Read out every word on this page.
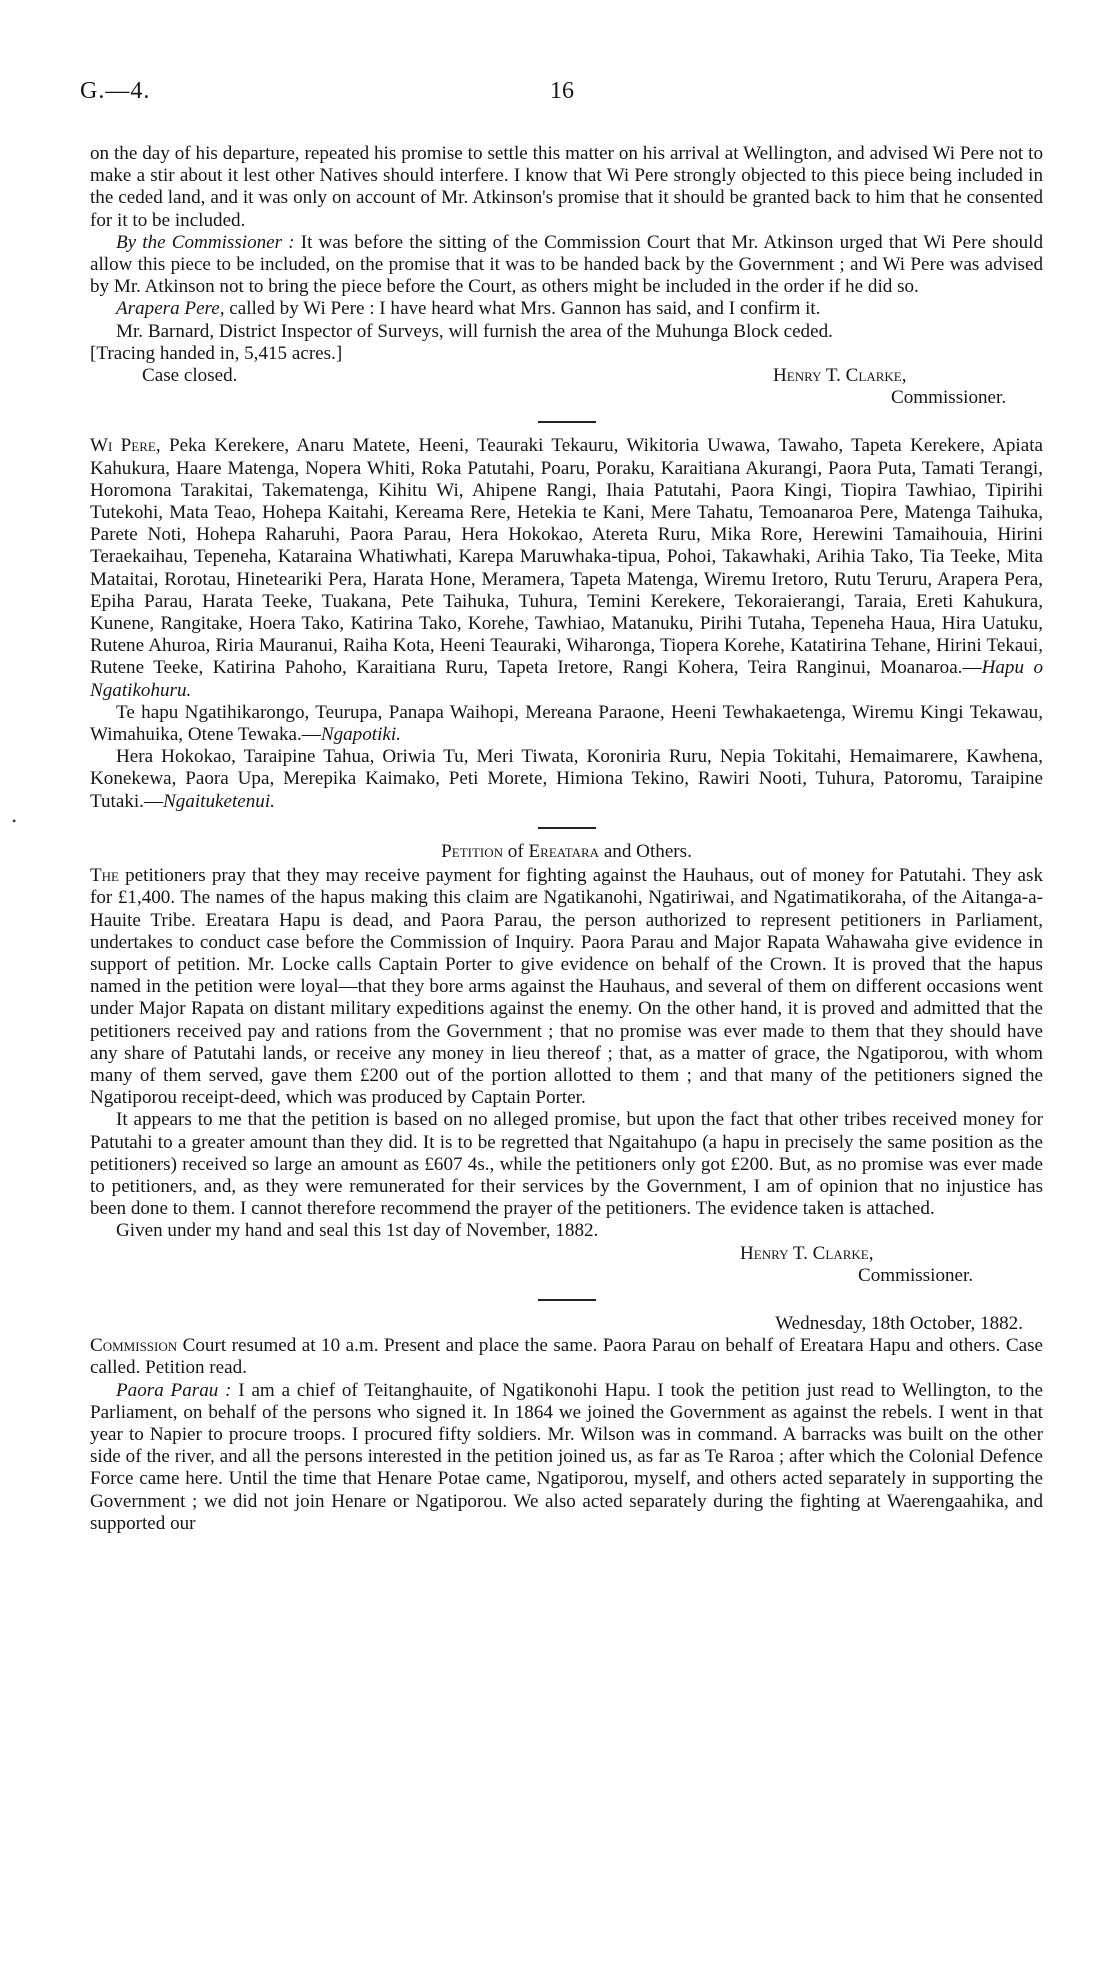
G.—4.	16
•

on the day of his departure, repeated his promise to settle this matter on his arrival at Wellington, and advised Wi Pere not to make a stir about it lest other Natives should interfere. I know that Wi Pere strongly objected to this piece being included in the ceded land, and it was only on account of Mr. Atkinson's promise that it should be granted back to him that he consented for it to be included.

By the Commissioner : It was before the sitting of the Commission Court that Mr. Atkinson urged that Wi Pere should allow this piece to be included, on the promise that it was to be handed back by the Government ; and Wi Pere was advised by Mr. Atkinson not to bring the piece before the Court, as others might be included in the order if he did so.

Arapera Pere, called by Wi Pere : I have heard what Mrs. Gannon has said, and I confirm it.

Mr. Barnard, District Inspector of Surveys, will furnish the area of the Muhunga Block ceded.

[Tracing handed in, 5,415 acres.]

Case closed.	Henry T. Clarke,
Commissioner.

Wi Pere, Peka Kerekere, Anaru Matete, Heeni, Teauraki Tekauru, Wikitoria Uwawa, Tawaho, Tapeta Kerekere, Apiata Kahukura, Haare Matenga, Nopera Whiti, Roka Patutahi, Poaru, Poraku, Karaitiana Akurangi, Paora Puta, Tamati Terangi, Horomona Tarakitai, Takematenga, Kihitu Wi, Ahipene Rangi, Ihaia Patutahi, Paora Kingi, Tiopira Tawhiao, Tipirihi Tutekohi, Mata Teao, Hohepa Kaitahi, Kereama Rere, Hetekia te Kani, Mere Tahatu, Temoanaroa Pere, Matenga Taihuka, Parete Noti, Hohepa Raharuhi, Paora Parau, Hera Hokokao, Atereta Ruru, Mika Rore, Herewini Tamaihouia, Hirini Teraekaihau, Tepeneha, Kataraina Whatiwhati, Karepa Maruwhaka-tipua, Pohoi, Takawhaki, Arihia Tako, Tia Teeke, Mita Mataitai, Rorotau, Hineteariki Pera, Harata Hone, Meramera, Tapeta Matenga, Wiremu Iretoro, Rutu Teruru, Arapera Pera, Epiha Parau, Harata Teeke, Tuakana, Pete Taihuka, Tuhura, Temini Kerekere, Tekoraierangi, Taraia, Ereti Kahukura, Kunene, Rangitake, Hoera Tako, Katirina Tako, Korehe, Tawhiao, Matanuku, Pirihi Tutaha, Tepeneha Haua, Hira Uatuku, Rutene Ahuroa, Riria Mauranui, Raiha Kota, Heeni Teauraki, Wiharonga, Tiopera Korehe, Katatirina Tehane, Hirini Tekaui, Rutene Teeke, Katirina Pahoho, Karaitiana Ruru, Tapeta Iretore, Rangi Kohera, Teira Ranginui, Moanaroa.—Hapu o Ngatikohuru.

Te hapu Ngatihikarongo, Teurupa, Panapa Waihopi, Mereana Paraone, Heeni Tewhakaetenga, Wiremu Kingi Tekawau, Wimahuika, Otene Tewaka.—Ngapotiki.

Hera Hokokao, Taraipine Tahua, Oriwia Tu, Meri Tiwata, Koroniria Ruru, Nepia Tokitahi, Hemaimarere, Kawhena, Konekewa, Paora Upa, Merepika Kaimako, Peti Morete, Himiona Tekino, Rawiri Nooti, Tuhura, Patoromu, Taraipine Tutaki.—Ngaituketenui.

Petition of Ereatara and Others.

The petitioners pray that they may receive payment for fighting against the Hauhaus, out of money for Patutahi. They ask for £1,400. The names of the hapus making this claim are Ngatikanohi, Ngatiriwai, and Ngatimatikoraha, of the Aitanga-a-Hauite Tribe. Ereatara Hapu is dead, and Paora Parau, the person authorized to represent petitioners in Parliament, undertakes to conduct case before the Commission of Inquiry. Paora Parau and Major Rapata Wahawaha give evidence in support of petition. Mr. Locke calls Captain Porter to give evidence on behalf of the Crown. It is proved that the hapus named in the petition were loyal—that they bore arms against the Hauhaus, and several of them on different occasions went under Major Rapata on distant military expeditions against the enemy. On the other hand, it is proved and admitted that the petitioners received pay and rations from the Government ; that no promise was ever made to them that they should have any share of Patutahi lands, or receive any money in lieu thereof ; that, as a matter of grace, the Ngatiporou, with whom many of them served, gave them £200 out of the portion allotted to them ; and that many of the petitioners signed the Ngatiporou receipt-deed, which was produced by Captain Porter.

It appears to me that the petition is based on no alleged promise, but upon the fact that other tribes received money for Patutahi to a greater amount than they did. It is to be regretted that Ngaitahupo (a hapu in precisely the same position as the petitioners) received so large an amount as £607 4s., while the petitioners only got £200. But, as no promise was ever made to petitioners, and, as they were remunerated for their services by the Government, I am of opinion that no injustice has been done to them. I cannot therefore recommend the prayer of the petitioners. The evidence taken is attached.

Given under my hand and seal this 1st day of November, 1882.

Henry T. Clarke,
Commissioner.

Wednesday, 18th October, 1882.

Commission Court resumed at 10 a.m. Present and place the same. Paora Parau on behalf of Ereatara Hapu and others. Case called. Petition read.

Paora Parau : I am a chief of Teitanghauite, of Ngatikonohi Hapu. I took the petition just read to Wellington, to the Parliament, on behalf of the persons who signed it. In 1864 we joined the Government as against the rebels. I went in that year to Napier to procure troops. I procured fifty soldiers. Mr. Wilson was in command. A barracks was built on the other side of the river, and all the persons interested in the petition joined us, as far as Te Raroa ; after which the Colonial Defence Force came here. Until the time that Henare Potae came, Ngatiporou, myself, and others acted separately in supporting the Government ; we did not join Henare or Ngatiporou. We also acted separately during the fighting at Waerengaahika, and supported our
